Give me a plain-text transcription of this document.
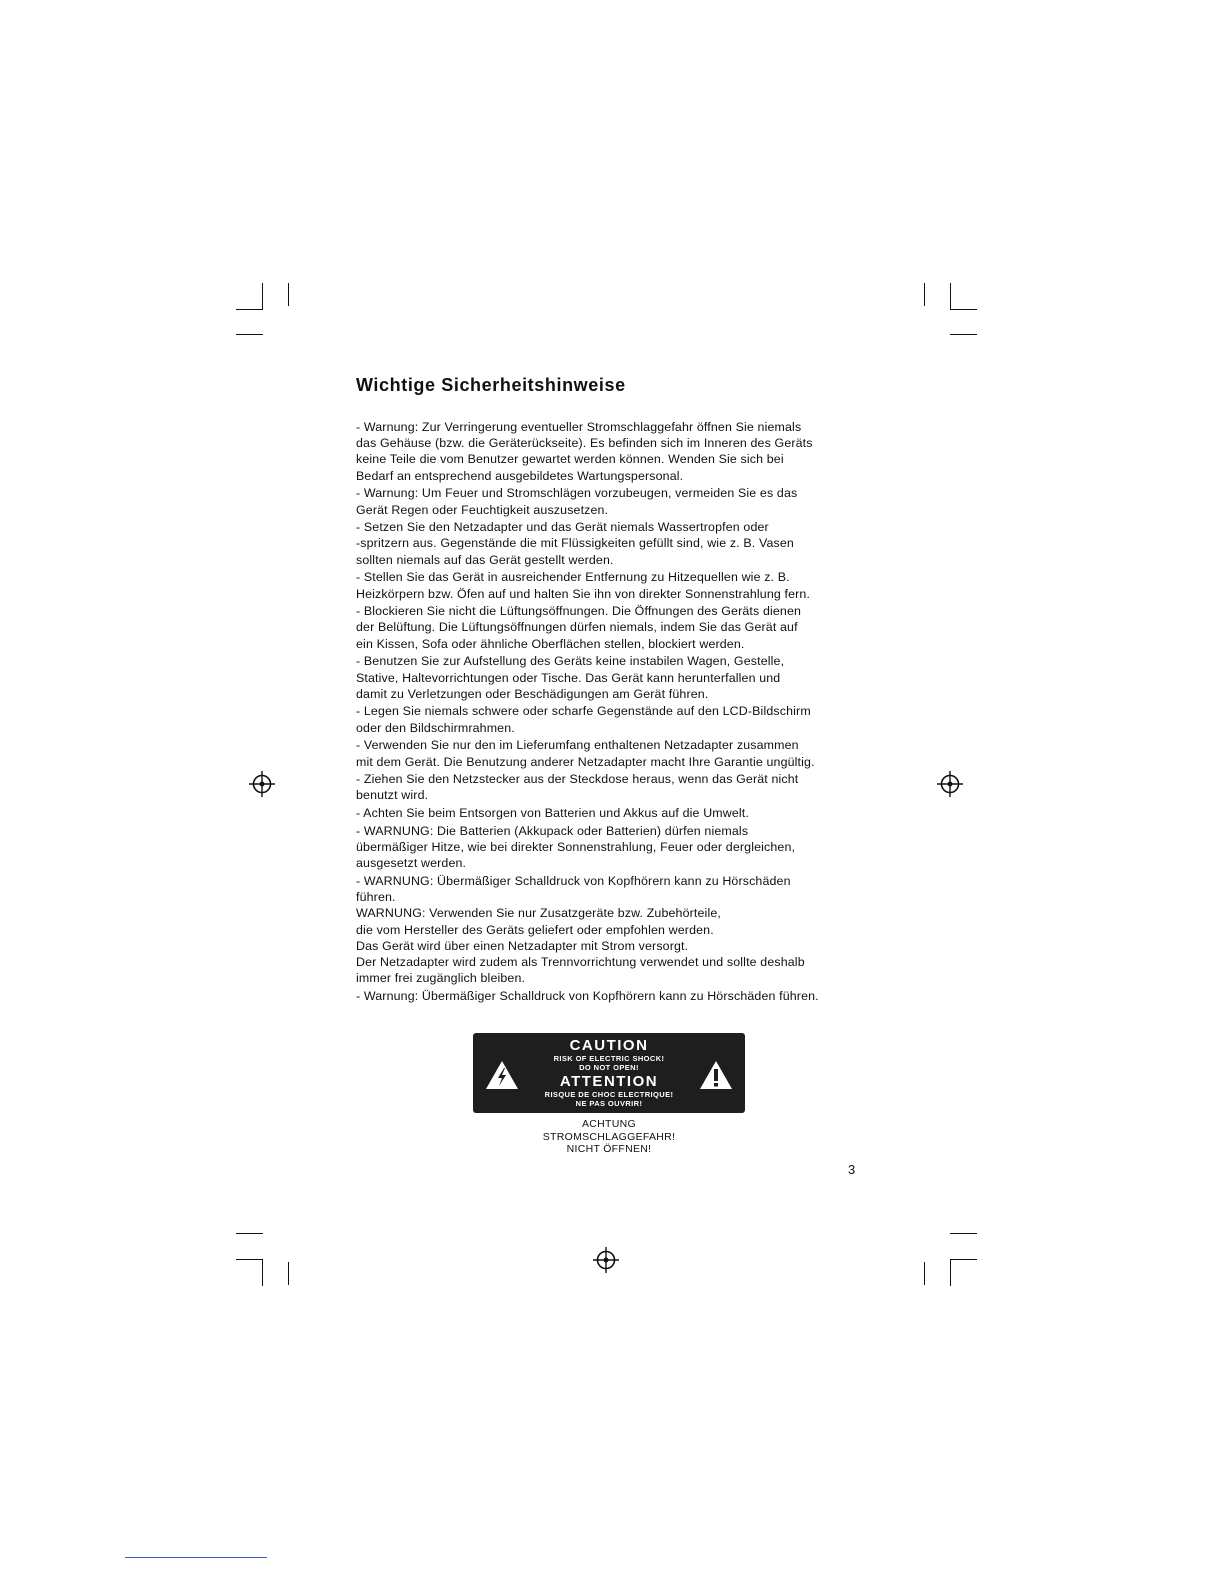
Wichtige Sicherheitshinweise

- Warnung: Zur Verringerung eventueller Stromschlaggefahr öffnen Sie niemals
das Gehäuse (bzw. die Geräterückseite). Es befinden sich im Inneren des Geräts
keine Teile die vom Benutzer gewartet werden können. Wenden Sie sich bei
Bedarf an entsprechend ausgebildetes Wartungspersonal.

- Warnung: Um Feuer und Stromschlägen vorzubeugen, vermeiden Sie es das
Gerät Regen oder Feuchtigkeit auszusetzen.

- Setzen Sie den Netzadapter und das Gerät niemals Wassertropfen oder
-spritzern aus. Gegenstände die mit Flüssigkeiten gefüllt sind, wie z. B. Vasen
sollten niemals auf das Gerät gestellt werden.

- Stellen Sie das Gerät in ausreichender Entfernung zu Hitzequellen wie z. B.
Heizkörpern bzw. Öfen auf und halten Sie ihn von direkter Sonnenstrahlung fern.

- Blockieren Sie nicht die Lüftungsöffnungen. Die Öffnungen des Geräts dienen
der Belüftung. Die Lüftungsöffnungen dürfen niemals, indem Sie das Gerät auf
ein Kissen, Sofa oder ähnliche Oberflächen stellen, blockiert werden.

- Benutzen Sie zur Aufstellung des Geräts keine instabilen Wagen, Gestelle,
Stative, Haltevorrichtungen oder Tische. Das Gerät kann herunterfallen und
damit zu Verletzungen oder Beschädigungen am Gerät führen.

- Legen Sie niemals schwere oder scharfe Gegenstände auf den LCD-Bildschirm
oder den Bildschirmrahmen.

- Verwenden Sie nur den im Lieferumfang enthaltenen Netzadapter zusammen
mit dem Gerät. Die Benutzung anderer Netzadapter macht Ihre Garantie ungültig.

- Ziehen Sie den Netzstecker aus der Steckdose heraus, wenn das Gerät nicht
benutzt wird.

- Achten Sie beim Entsorgen von Batterien und Akkus auf die Umwelt.

- WARNUNG: Die Batterien (Akkupack oder Batterien) dürfen niemals
übermäßiger Hitze, wie bei direkter Sonnenstrahlung, Feuer oder dergleichen,
ausgesetzt werden.

- WARNUNG: Übermäßiger Schalldruck von Kopfhörern kann zu Hörschäden
führen.
WARNUNG: Verwenden Sie nur Zusatzgeräte bzw. Zubehörteile,
die vom Hersteller des Geräts geliefert oder empfohlen werden.
Das Gerät wird über einen Netzadapter mit Strom versorgt.
Der Netzadapter wird zudem als Trennvorrichtung verwendet und sollte deshalb
immer frei zugänglich bleiben.

- Warnung: Übermäßiger Schalldruck von Kopfhörern kann zu Hörschäden führen.

CAUTION
RISK OF ELECTRIC SHOCK!
DO NOT OPEN!
ATTENTION
RISQUE DE CHOC ELECTRIQUE!
NE PAS OUVRIR!
ACHTUNG
STROMSCHLAGGEFAHR!
NICHT ÖFFNEN!
3
